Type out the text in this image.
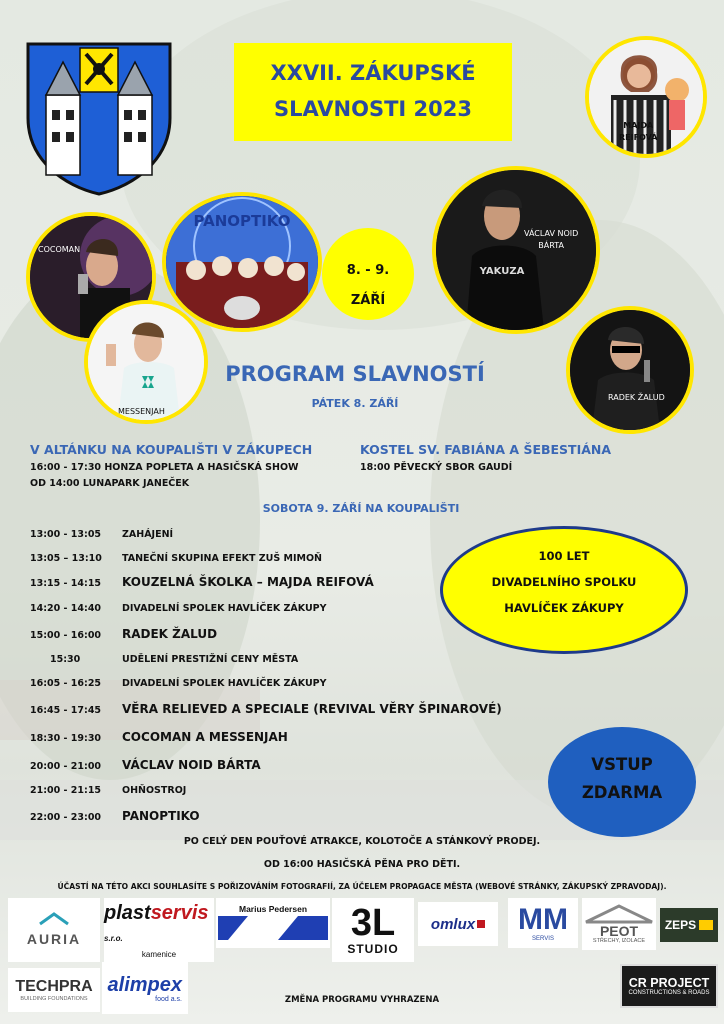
XXVII. ZÁKUPSKÉ
SLAVNOSTI 2023
MAJDA
REIFOVÁ
COCOMAN
PANOPTIKO
8. - 9.
ZÁŘÍ
YAKUZA
VÁCLAV NOID
BÁRTA
MESSENJAH
RADEK ŽALUD
PROGRAM SLAVNOSTÍ
PÁTEK 8. ZÁŘÍ
V ALTÁNKU NA KOUPALIŠTI V ZÁKUPECH
16:00 - 17:30 HONZA POPLETA A HASIČSKÁ SHOW
OD 14:00 LUNAPARK JANEČEK
KOSTEL SV. FABIÁNA A ŠEBESTIÁNA
18:00 PĚVECKÝ SBOR GAUDÍ
SOBOTA 9. ZÁŘÍ NA KOUPALIŠTI
13:00 - 13:05 ZAHÁJENÍ
13:05 – 13:10 TANEČNÍ SKUPINA EFEKT ZUŠ MIMOŇ
13:15 - 14:15 KOUZELNÁ ŠKOLKA – MAJDA REIFOVÁ
14:20 - 14:40 DIVADELNÍ SPOLEK HAVLÍČEK ZÁKUPY
15:00 - 16:00 RADEK ŽALUD
15:30	UDĚLENÍ PRESTIŽNÍ CENY MĚSTA
16:05 - 16:25 DIVADELNÍ SPOLEK HAVLÍČEK ZÁKUPY
16:45 - 17:45 VĚRA RELIEVED A SPECIALE (REVIVAL VĚRY ŠPINAROVÉ)
18:30 - 19:30 COCOMAN A MESSENJAH
20:00 - 21:00 VÁCLAV NOID BÁRTA
21:00 - 21:15 OHŇOSTROJ
22:00 - 23:00 PANOPTIKO
100 LET
DIVADELNÍHO SPOLKU
HAVLÍČEK ZÁKUPY
VSTUP
ZDARMA
PO CELÝ DEN POUŤOVÉ ATRAKCE, KOLOTOČE A STÁNKOVÝ PRODEJ.
OD 16:00 HASIČSKÁ PĚNA PRO DĚTI.
ÚČASTÍ NA TÉTO AKCI SOUHLASÍTE S POŘIZOVÁNÍM FOTOGRAFIÍ, ZA ÚČELEM PROPAGACE MĚSTA (WEBOVÉ STRÁNKY, ZÁKUPSKÝ ZPRAVODAJ).
AURIA
plastservis s.r.o.
kamenice
Marius Pedersen 3L
STUDIO
omlux MM
SERVIS	PEOT
STŘECHY, IZOLACE
ZEPS
TECHPRA
BUILDING FOUNDATIONS
alimpex
food a.s.	ZMĚNA PROGRAMU VYHRAZENA
CR PROJECT
CONSTRUCTIONS & ROADS
